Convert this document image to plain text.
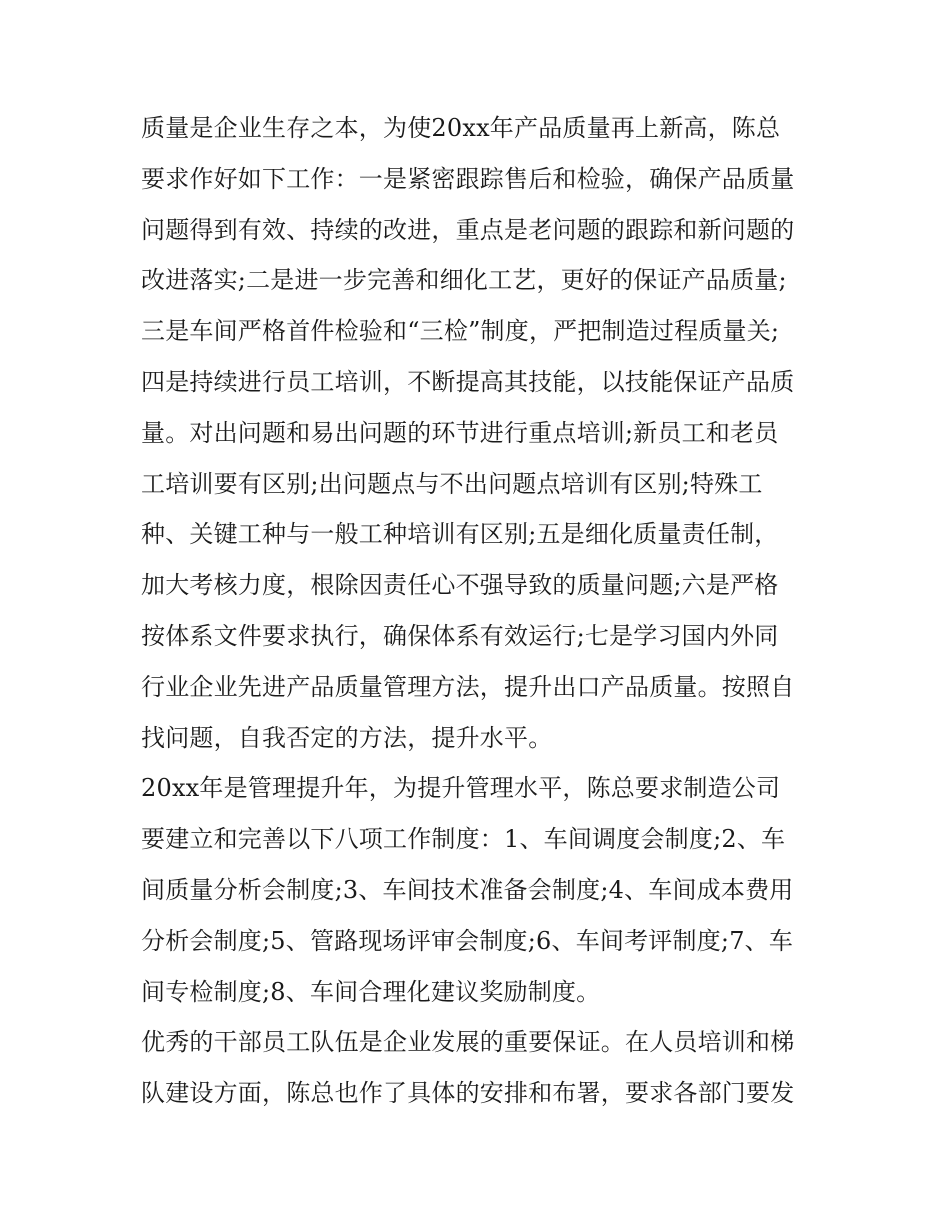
质量是企业生存之本，为使20xx年产品质量再上新高，陈总
要求作好如下工作：一是紧密跟踪售后和检验，确保产品质量
问题得到有效、持续的改进，重点是老问题的跟踪和新问题的
改进落实;二是进一步完善和细化工艺，更好的保证产品质量;
三是车间严格首件检验和“三检”制度，严把制造过程质量关;
四是持续进行员工培训，不断提高其技能，以技能保证产品质
量。对出问题和易出问题的环节进行重点培训;新员工和老员
工培训要有区别;出问题点与不出问题点培训有区别;特殊工
种、关键工种与一般工种培训有区别;五是细化质量责任制，
加大考核力度，根除因责任心不强导致的质量问题;六是严格
按体系文件要求执行，确保体系有效运行;七是学习国内外同
行业企业先进产品质量管理方法，提升出口产品质量。按照自
找问题，自我否定的方法，提升水平。
20xx年是管理提升年，为提升管理水平，陈总要求制造公司
要建立和完善以下八项工作制度：1、车间调度会制度;2、车
间质量分析会制度;3、车间技术准备会制度;4、车间成本费用
分析会制度;5、管路现场评审会制度;6、车间考评制度;7、车
间专检制度;8、车间合理化建议奖励制度。
优秀的干部员工队伍是企业发展的重要保证。在人员培训和梯
队建设方面，陈总也作了具体的安排和布署，要求各部门要发
